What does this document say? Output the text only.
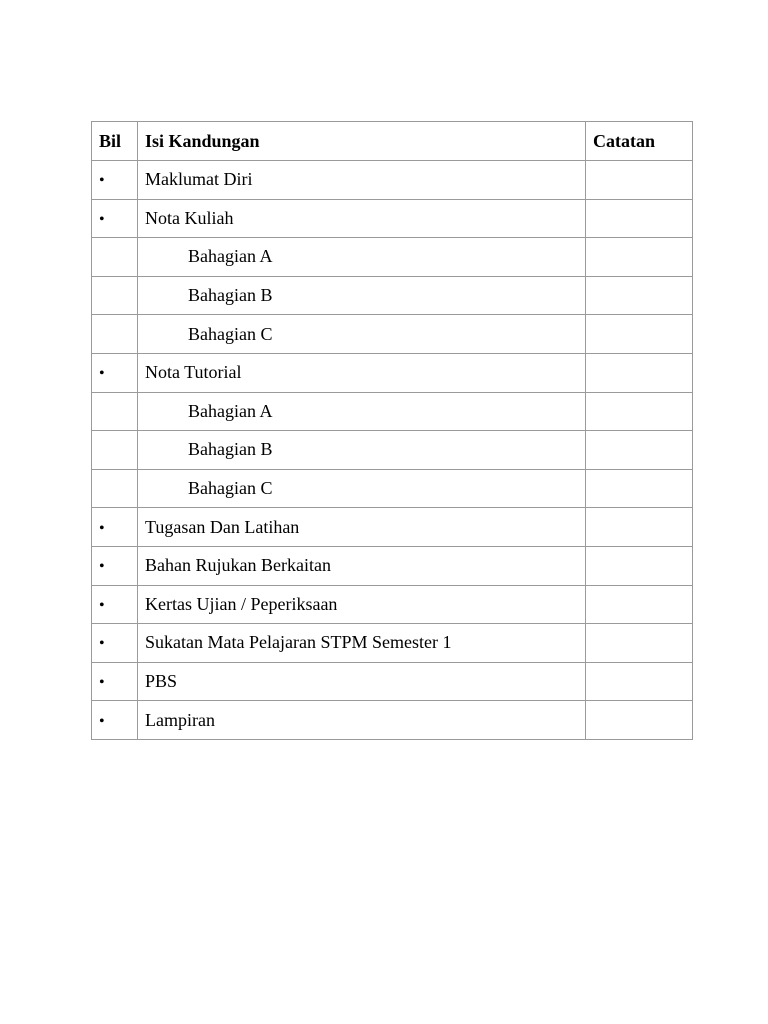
Bil	Isi Kandungan	Catatan
•	Maklumat Diri	
•	Nota Kuliah	
	Bahagian A	
	Bahagian B	
	Bahagian C	
•	Nota Tutorial	
	Bahagian A	
	Bahagian B	
	Bahagian C	
•	Tugasan Dan Latihan	
•	Bahan Rujukan Berkaitan	
•	Kertas Ujian / Peperiksaan	
•	Sukatan Mata Pelajaran STPM Semester 1	
•	PBS	
•	Lampiran	
